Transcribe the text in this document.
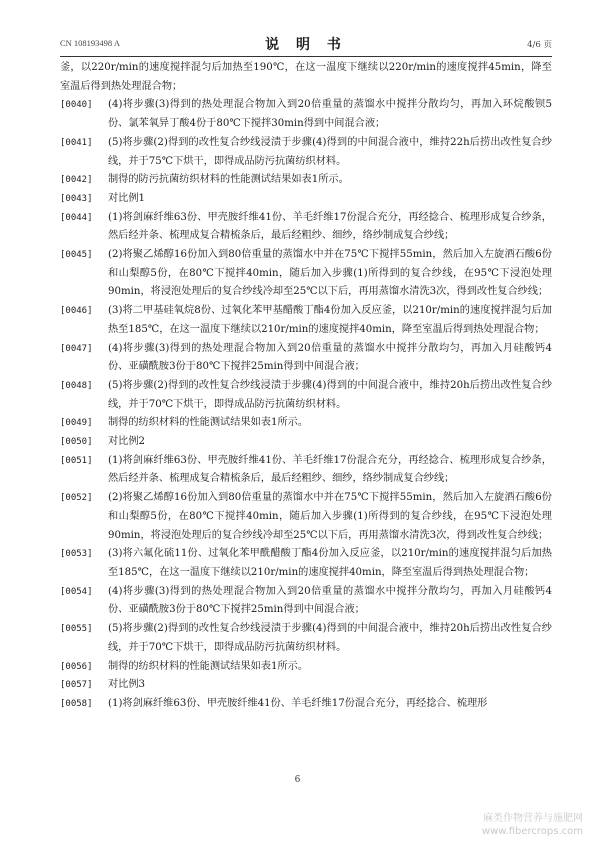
CN 108193498 A	说 明 书	4/6 页
釜，以220r/min的速度搅拌混匀后加热至190℃，在这一温度下继续以220r/min的速度搅拌45min，降至室温后得到热处理混合物；
[0040] (4)将步骤(3)得到的热处理混合物加入到20倍重量的蒸馏水中搅拌分散均匀，再加入环烷酸钡5份、氯苯氧异丁酸4份于80℃下搅拌30min得到中间混合液；
[0041] (5)将步骤(2)得到的改性复合纱线浸渍于步骤(4)得到的中间混合液中，维持22h后捞出改性复合纱线，并于75℃下烘干，即得成品防污抗菌纺织材料。
[0042] 制得的防污抗菌纺织材料的性能测试结果如表1所示。
[0043] 对比例1
[0044] (1)将剑麻纤维63份、甲壳胺纤维41份、羊毛纤维17份混合充分，再经捻合、梳理形成复合纱条，然后经并条、梳理成复合精梳条后，最后经粗纱、细纱，络纱制成复合纱线；
[0045] (2)将聚乙烯醇16份加入到80倍重量的蒸馏水中并在75℃下搅拌55min，然后加入左旋酒石酸6份和山梨醇5份，在80℃下搅拌40min，随后加入步骤(1)所得到的复合纱线，在95℃下浸泡处理90min，将浸泡处理后的复合纱线冷却至25℃以下后，再用蒸馏水清洗3次，得到改性复合纱线；
[0046] (3)将二甲基硅氧烷8份、过氧化苯甲基醋酸丁酯4份加入反应釜，以210r/min的速度搅拌混匀后加热至185℃，在这一温度下继续以210r/min的速度搅拌40min，降至室温后得到热处理混合物；
[0047] (4)将步骤(3)得到的热处理混合物加入到20倍重量的蒸馏水中搅拌分散均匀，再加入月硅酸钙4份、亚磺酰胺3份于80℃下搅拌25min得到中间混合液；
[0048] (5)将步骤(2)得到的改性复合纱线浸渍于步骤(4)得到的中间混合液中，维持20h后捞出改性复合纱线，并于70℃下烘干，即得成品防污抗菌纺织材料。
[0049] 制得的纺织材料的性能测试结果如表1所示。
[0050] 对比例2
[0051] (1)将剑麻纤维63份、甲壳胺纤维41份、羊毛纤维17份混合充分，再经捻合、梳理形成复合纱条，然后经并条、梳理成复合精梳条后，最后经粗纱、细纱，络纱制成复合纱线；
[0052] (2)将聚乙烯醇16份加入到80倍重量的蒸馏水中并在75℃下搅拌55min，然后加入左旋酒石酸6份和山梨醇5份，在80℃下搅拌40min，随后加入步骤(1)所得到的复合纱线，在95℃下浸泡处理90min，将浸泡处理后的复合纱线冷却至25℃以下后，再用蒸馏水清洗3次，得到改性复合纱线；
[0053] (3)将六氟化硫11份、过氧化苯甲酰醋酸丁酯4份加入反应釜，以210r/min的速度搅拌混匀后加热至185℃，在这一温度下继续以210r/min的速度搅拌40min，降至室温后得到热处理混合物；
[0054] (4)将步骤(3)得到的热处理混合物加入到20倍重量的蒸馏水中搅拌分散均匀，再加入月硅酸钙4份、亚磺酰胺3份于80℃下搅拌25min得到中间混合液；
[0055] (5)将步骤(2)得到的改性复合纱线浸渍于步骤(4)得到的中间混合液中，维持20h后捞出改性复合纱线，并于70℃下烘干，即得成品防污抗菌纺织材料。
[0056] 制得的纺织材料的性能测试结果如表1所示。
[0057] 对比例3
[0058] (1)将剑麻纤维63份、甲壳胺纤维41份、羊毛纤维17份混合充分，再经捻合、梳理形
6
麻类作物营养与施肥网
www.fibercrops.com
